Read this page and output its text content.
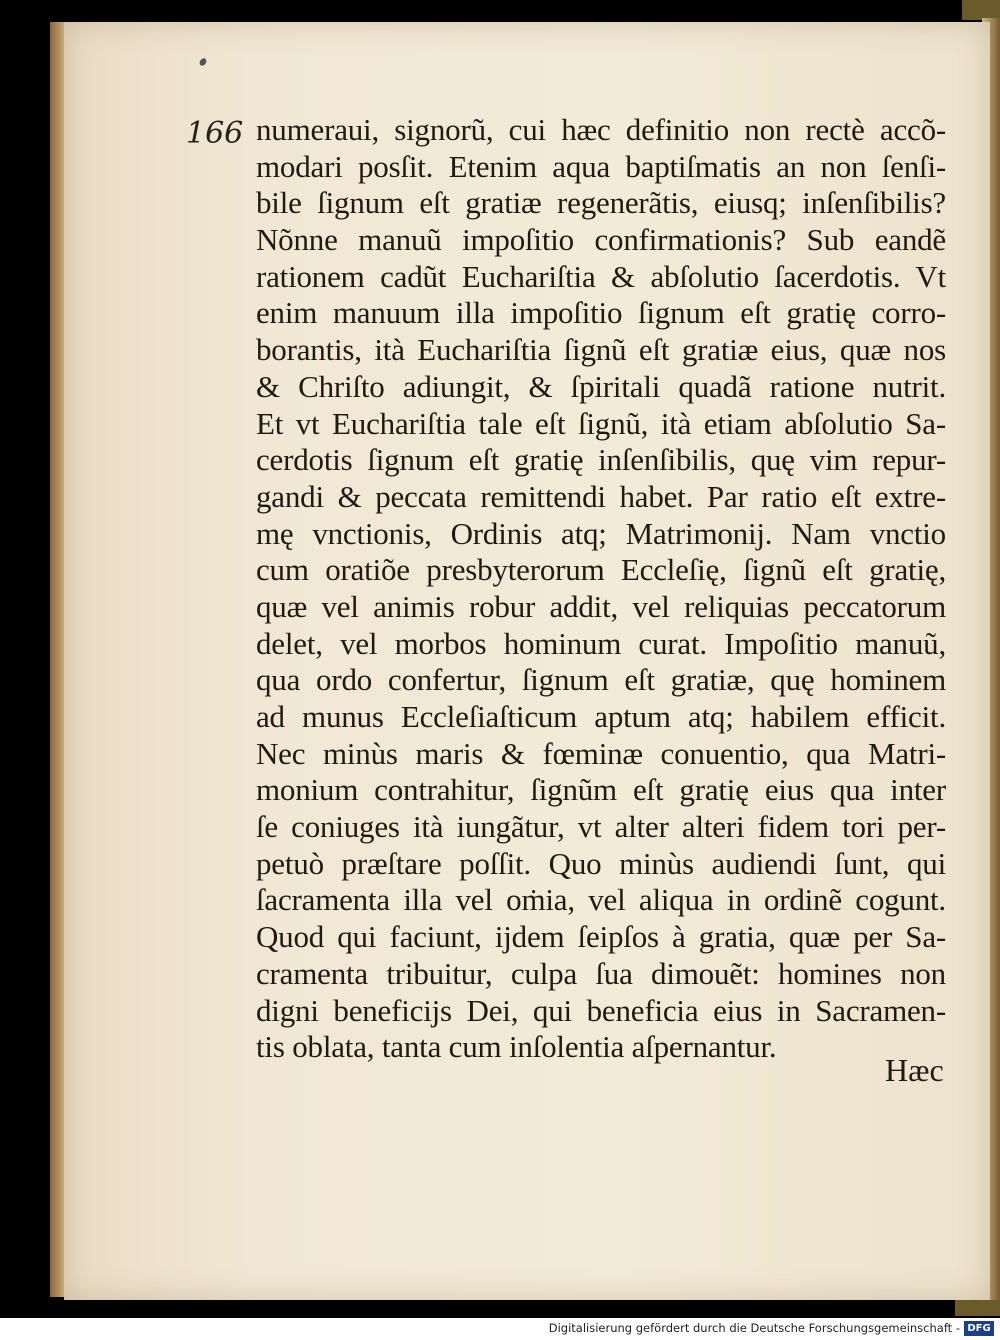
166 numeraui, signorũ, cui hæc definitio non rectè accõ-
modari posſit. Etenim aqua baptiſmatis an non ſenſi-
bile ſignum eſt gratiæ regenerãtis, eiusq; inſenſibilis?
Nõnne manuũ impoſitio confirmationis? Sub eandẽ
rationem cadũt Euchariſtia & abſolutio ſacerdotis. Vt
enim manuum illa impoſitio ſignum eſt gratię corro-
borantis, ità Euchariſtia ſignũ eſt gratiæ eius, quæ nos
& Chriſto adiungit, & ſpiritali quadã ratione nutrit.
Et vt Euchariſtia tale eſt ſignũ, ità etiam abſolutio Sa-
cerdotis ſignum eſt gratię inſenſibilis, quę vim repur-
gandi & peccata remittendi habet. Par ratio eſt extre-
mę vnctionis, Ordinis atq; Matrimonij. Nam vnctio
cum oratiõe presbyterorum Eccleſię, ſignũ eſt gratię,
quæ vel animis robur addit, vel reliquias peccatorum
delet, vel morbos hominum curat. Impoſitio manuũ,
qua ordo confertur, ſignum eſt gratiæ, quę hominem
ad munus Eccleſiaſticum aptum atq; habilem efficit.
Nec minùs maris & fœminæ conuentio, qua Matri-
monium contrahitur, ſignũm eſt gratię eius qua inter
ſe coniuges ità iungãtur, vt alter alteri fidem tori per-
petuò præſtare poſſit. Quo minùs audiendi ſunt, qui
ſacramenta illa vel oṁia, vel aliqua in ordinẽ cogunt.
Quod qui faciunt, ijdem ſeipſos à gratia, quæ per Sa-
cramenta tribuitur, culpa ſua dimouẽt: homines non
digni beneficijs Dei, qui beneficia eius in Sacramen-
tis oblata, tanta cum inſolentia aſpernantur.
Hæc
Digitalisierung gefördert durch die Deutsche Forschungsgemeinschaft - DFG
